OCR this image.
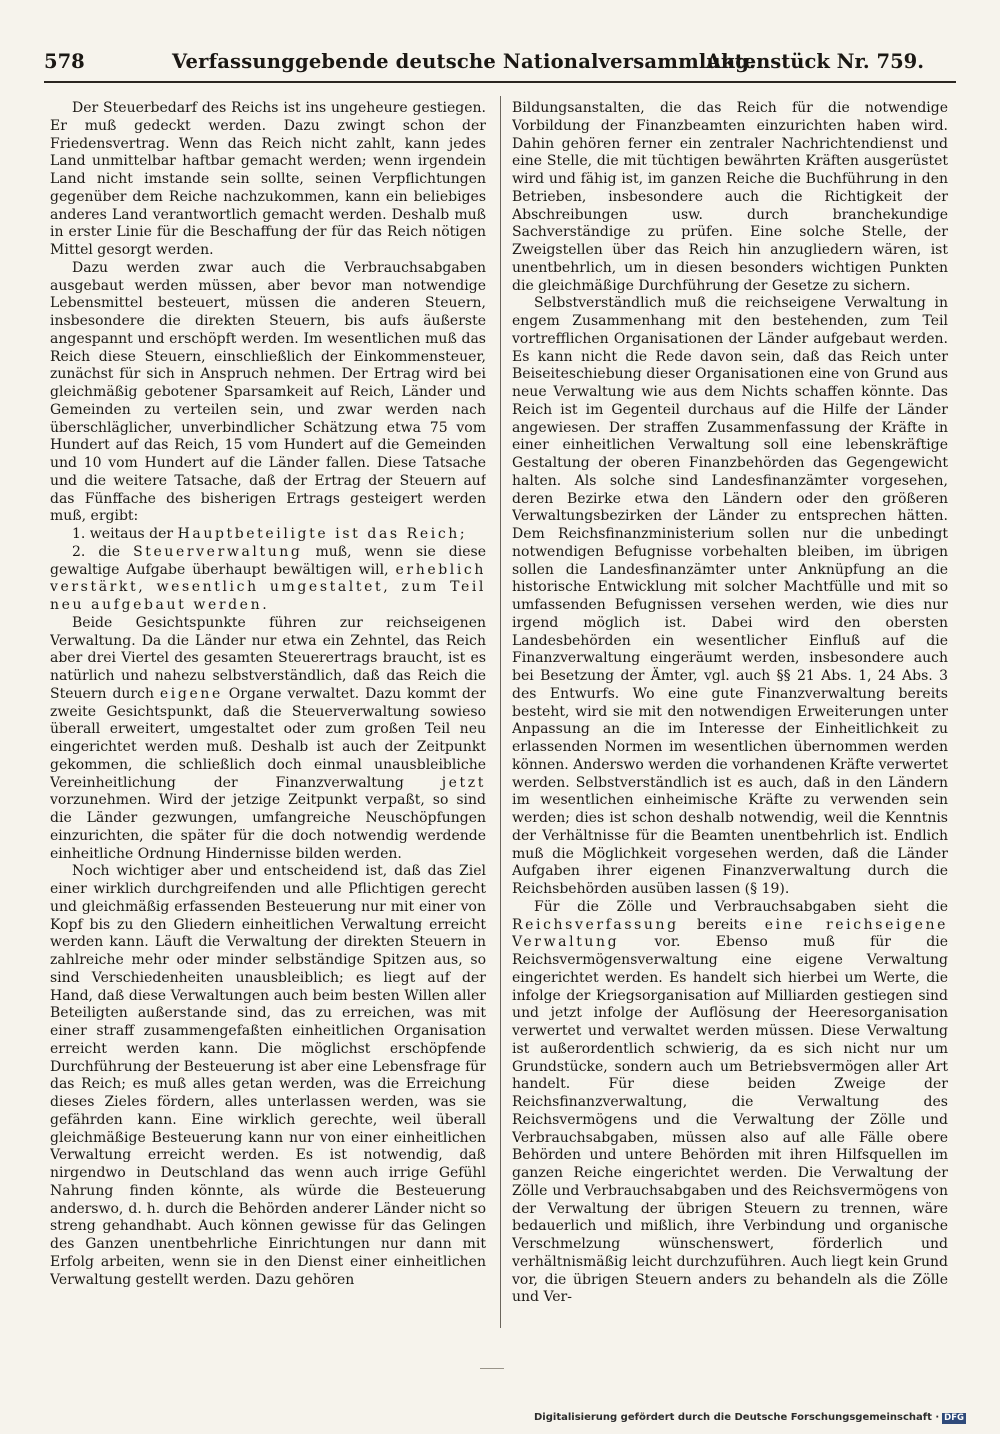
578	Verfassunggebende deutsche Nationalversammlung.
Aktenstück Nr. 759.

Der Steuerbedarf des Reichs ist ins ungeheure gestiegen. Er muß gedeckt werden. Dazu zwingt schon der Friedensvertrag. Wenn das Reich nicht zahlt, kann jedes Land unmittelbar haftbar gemacht werden; wenn irgendein Land nicht imstande sein sollte, seinen Verpflichtungen gegenüber dem Reiche nachzukommen, kann ein beliebiges anderes Land verantwortlich gemacht werden. Deshalb muß in erster Linie für die Beschaffung der für das Reich nötigen Mittel gesorgt werden.

Dazu werden zwar auch die Verbrauchsabgaben ausgebaut werden müssen, aber bevor man notwendige Lebensmittel besteuert, müssen die anderen Steuern, insbesondere die direkten Steuern, bis aufs äußerste angespannt und erschöpft werden. Im wesentlichen muß das Reich diese Steuern, einschließlich der Einkommensteuer, zunächst für sich in Anspruch nehmen. Der Ertrag wird bei gleichmäßig gebotener Sparsamkeit auf Reich, Länder und Gemeinden zu verteilen sein, und zwar werden nach überschläglicher, unverbindlicher Schätzung etwa 75 vom Hundert auf das Reich, 15 vom Hundert auf die Gemeinden und 10 vom Hundert auf die Länder fallen. Diese Tatsache und die weitere Tatsache, daß der Ertrag der Steuern auf das Fünffache des bisherigen Ertrags gesteigert werden muß, ergibt:

1. weitaus der Hauptbeteiligte ist das Reich;

2. die Steuerverwaltung muß, wenn sie diese gewaltige Aufgabe überhaupt bewältigen will, erheblich verstärkt, wesentlich umgestaltet, zum Teil neu aufgebaut werden.

Beide Gesichtspunkte führen zur reichseigenen Verwaltung. Da die Länder nur etwa ein Zehntel, das Reich aber drei Viertel des gesamten Steuerertrags braucht, ist es natürlich und nahezu selbstverständlich, daß das Reich die Steuern durch eigene Organe verwaltet. Dazu kommt der zweite Gesichtspunkt, daß die Steuerverwaltung sowieso überall erweitert, umgestaltet oder zum großen Teil neu eingerichtet werden muß. Deshalb ist auch der Zeitpunkt gekommen, die schließlich doch einmal unausbleibliche Vereinheitlichung der Finanzverwaltung jetzt vorzunehmen. Wird der jetzige Zeitpunkt verpaßt, so sind die Länder gezwungen, umfangreiche Neuschöpfungen einzurichten, die später für die doch notwendig werdende einheitliche Ordnung Hindernisse bilden werden.

Noch wichtiger aber und entscheidend ist, daß das Ziel einer wirklich durchgreifenden und alle Pflichtigen gerecht und gleichmäßig erfassenden Besteuerung nur mit einer von Kopf bis zu den Gliedern einheitlichen Verwaltung erreicht werden kann. Läuft die Verwaltung der direkten Steuern in zahlreiche mehr oder minder selbständige Spitzen aus, so sind Verschiedenheiten unausbleiblich; es liegt auf der Hand, daß diese Verwaltungen auch beim besten Willen aller Beteiligten außerstande sind, das zu erreichen, was mit einer straff zusammengefaßten einheitlichen Organisation erreicht werden kann. Die möglichst erschöpfende Durchführung der Besteuerung ist aber eine Lebensfrage für das Reich; es muß alles getan werden, was die Erreichung dieses Zieles fördern, alles unterlassen werden, was sie gefährden kann. Eine wirklich gerechte, weil überall gleichmäßige Besteuerung kann nur von einer einheitlichen Verwaltung erreicht werden. Es ist notwendig, daß nirgendwo in Deutschland das wenn auch irrige Gefühl Nahrung finden könnte, als würde die Besteuerung anderswo, d. h. durch die Behörden anderer Länder nicht so streng gehandhabt. Auch können gewisse für das Gelingen des Ganzen unentbehrliche Einrichtungen nur dann mit Erfolg arbeiten, wenn sie in den Dienst einer einheitlichen Verwaltung gestellt werden. Dazu gehören

Bildungsanstalten, die das Reich für die notwendige Vorbildung der Finanzbeamten einzurichten haben wird. Dahin gehören ferner ein zentraler Nachrichtendienst und eine Stelle, die mit tüchtigen bewährten Kräften ausgerüstet wird und fähig ist, im ganzen Reiche die Buchführung in den Betrieben, insbesondere auch die Richtigkeit der Abschreibungen usw. durch branchekundige Sachverständige zu prüfen. Eine solche Stelle, der Zweigstellen über das Reich hin anzugliedern wären, ist unentbehrlich, um in diesen besonders wichtigen Punkten die gleichmäßige Durchführung der Gesetze zu sichern.

Selbstverständlich muß die reichseigene Verwaltung in engem Zusammenhang mit den bestehenden, zum Teil vortrefflichen Organisationen der Länder aufgebaut werden. Es kann nicht die Rede davon sein, daß das Reich unter Beiseiteschiebung dieser Organisationen eine von Grund aus neue Verwaltung wie aus dem Nichts schaffen könnte. Das Reich ist im Gegenteil durchaus auf die Hilfe der Länder angewiesen. Der straffen Zusammenfassung der Kräfte in einer einheitlichen Verwaltung soll eine lebenskräftige Gestaltung der oberen Finanzbehörden das Gegengewicht halten. Als solche sind Landesfinanzämter vorgesehen, deren Bezirke etwa den Ländern oder den größeren Verwaltungsbezirken der Länder zu entsprechen hätten. Dem Reichsfinanzministerium sollen nur die unbedingt notwendigen Befugnisse vorbehalten bleiben, im übrigen sollen die Landesfinanzämter unter Anknüpfung an die historische Entwicklung mit solcher Machtfülle und mit so umfassenden Befugnissen versehen werden, wie dies nur irgend möglich ist. Dabei wird den obersten Landesbehörden ein wesentlicher Einfluß auf die Finanzverwaltung eingeräumt werden, insbesondere auch bei Besetzung der Ämter, vgl. auch §§ 21 Abs. 1, 24 Abs. 3 des Entwurfs. Wo eine gute Finanzverwaltung bereits besteht, wird sie mit den notwendigen Erweiterungen unter Anpassung an die im Interesse der Einheitlichkeit zu erlassenden Normen im wesentlichen übernommen werden können. Anderswo werden die vorhandenen Kräfte verwertet werden. Selbstverständlich ist es auch, daß in den Ländern im wesentlichen einheimische Kräfte zu verwenden sein werden; dies ist schon deshalb notwendig, weil die Kenntnis der Verhältnisse für die Beamten unentbehrlich ist. Endlich muß die Möglichkeit vorgesehen werden, daß die Länder Aufgaben ihrer eigenen Finanzverwaltung durch die Reichsbehörden ausüben lassen (§ 19).

Für die Zölle und Verbrauchsabgaben sieht die Reichsverfassung bereits eine reichseigene Verwaltung vor. Ebenso muß für die Reichsvermögensverwaltung eine eigene Verwaltung eingerichtet werden. Es handelt sich hierbei um Werte, die infolge der Kriegsorganisation auf Milliarden gestiegen sind und jetzt infolge der Auflösung der Heeresorganisation verwertet und verwaltet werden müssen. Diese Verwaltung ist außerordentlich schwierig, da es sich nicht nur um Grundstücke, sondern auch um Betriebsvermögen aller Art handelt. Für diese beiden Zweige der Reichsfinanzverwaltung, die Verwaltung des Reichsvermögens und die Verwaltung der Zölle und Verbrauchsabgaben, müssen also auf alle Fälle obere Behörden und untere Behörden mit ihren Hilfsquellen im ganzen Reiche eingerichtet werden. Die Verwaltung der Zölle und Verbrauchsabgaben und des Reichsvermögens von der Verwaltung der übrigen Steuern zu trennen, wäre bedauerlich und mißlich, ihre Verbindung und organische Verschmelzung wünschenswert, förderlich und verhältnismäßig leicht durchzuführen. Auch liegt kein Grund vor, die übrigen Steuern anders zu behandeln als die Zölle und Ver-

Digitalisierung gefördert durch die Deutsche Forschungsgemeinschaft · DFG
